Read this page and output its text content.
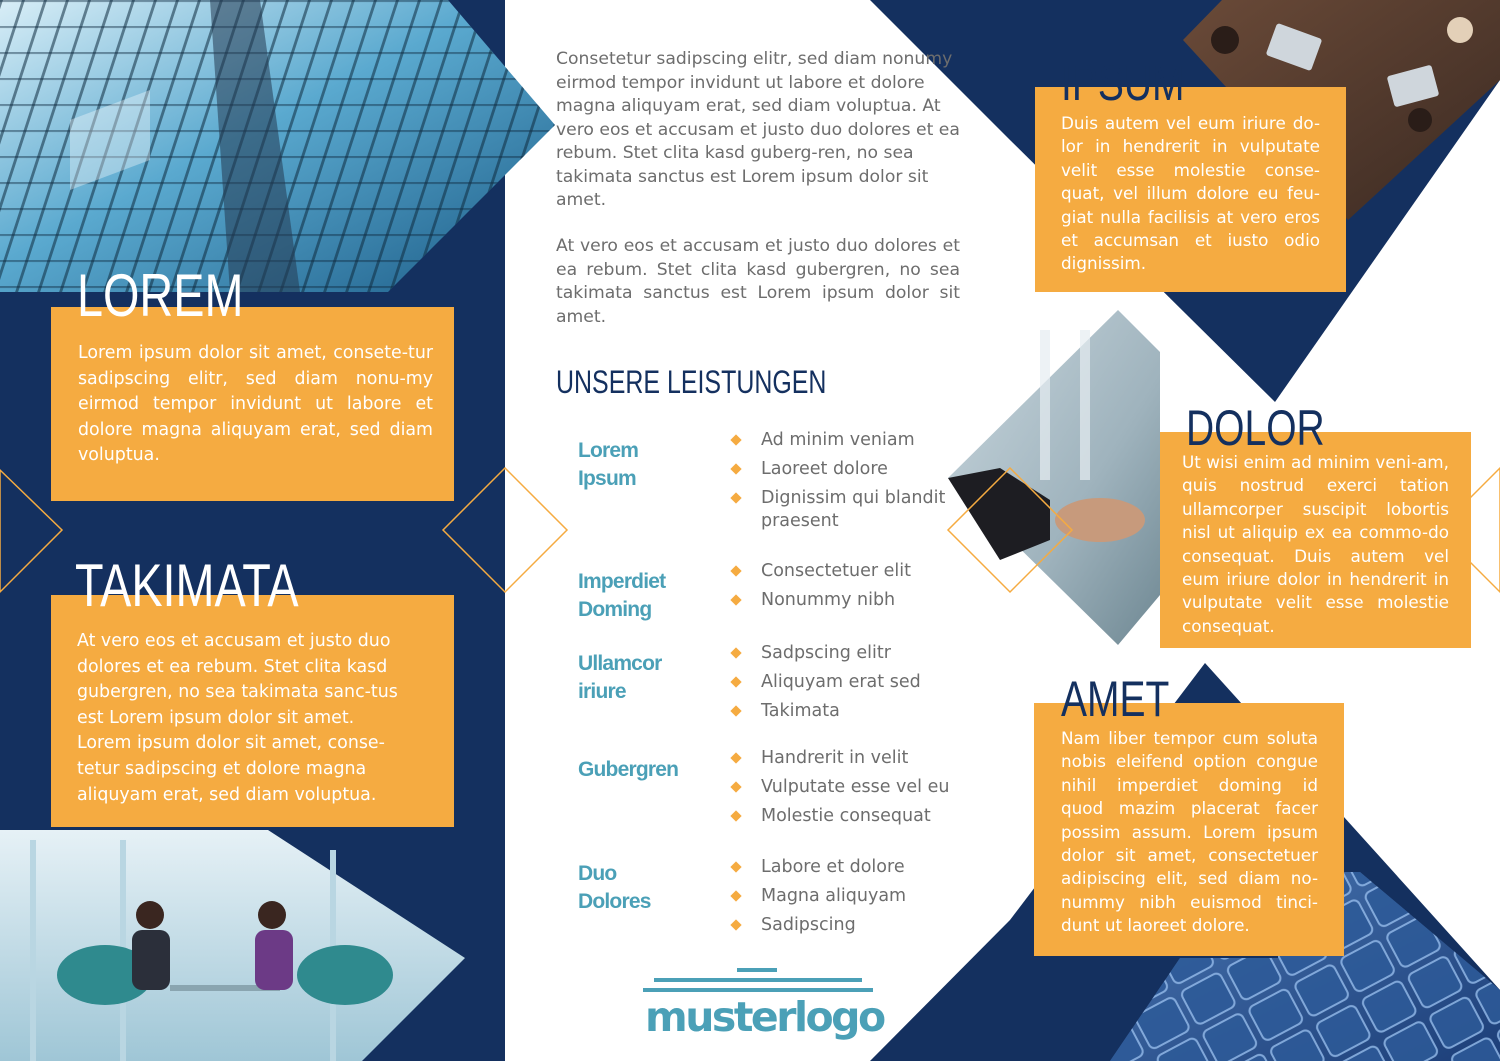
LOREM

Lorem ipsum dolor sit amet, consete-tur sadipscing elitr, sed diam nonu-my eirmod tempor invidunt ut labore et dolore magna aliquyam erat, sed diam voluptua.

TAKIMATA

At vero eos et accusam et justo duo dolores et ea rebum. Stet clita kasd gubergren, no sea takimata sanc-tus est Lorem ipsum dolor sit amet. Lorem ipsum dolor sit amet, conse-tetur sadipscing et dolore magna aliquyam erat, sed diam voluptua.

Consetetur sadipscing elitr, sed diam nonumy eirmod tempor invidunt ut labore et dolore magna aliquyam erat, sed diam voluptua. At vero eos et accusam et justo duo dolores et ea rebum. Stet clita kasd guberg-ren, no sea takimata sanctus est Lorem ipsum dolor sit amet.

At vero eos et accusam et justo duo dolores et ea rebum. Stet clita kasd gubergren, no sea takimata sanctus est Lorem ipsum dolor sit amet.

UNSERE LEISTUNGEN

Lorem Ipsum

Ad minim veniam
Laoreet dolore
Dignissim qui blandit praesent

Imperdiet Doming

Consectetuer elit
Nonummy nibh

Ullamcor iriure

Sadpscing elitr
Aliquyam erat sed
Takimata

Gubergren	Handrerit in velit
Vulputate esse vel eu
Molestie consequat

Duo Dolores

Labore et dolore
Magna aliquyam
Sadipscing
musterlogo
IPSUM

Duis autem vel eum iriure do-lor in hendrerit in vulputate velit esse molestie conse-quat, vel illum dolore eu feu-giat nulla facilisis at vero eros et accumsan et iusto odio dignissim.

DOLOR

Ut wisi enim ad minim veni-am, quis nostrud exerci tation ullamcorper suscipit lobortis nisl ut aliquip ex ea commo-do consequat. Duis autem vel eum iriure dolor in hendrerit in vulputate velit esse molestie consequat.

AMET

Nam liber tempor cum soluta nobis eleifend option congue nihil imperdiet doming id quod mazim placerat facer possim assum. Lorem ipsum dolor sit amet, consectetuer adipiscing elit, sed diam no-nummy nibh euismod tinci-dunt ut laoreet dolore.
